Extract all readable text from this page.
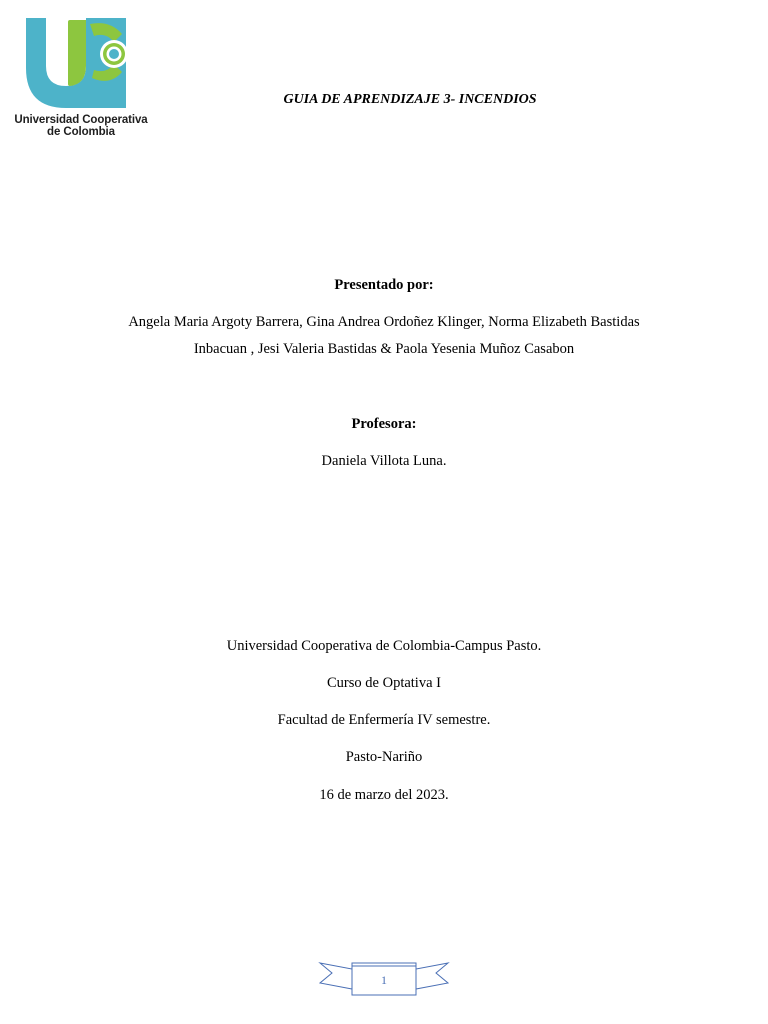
Universidad Cooperativa
de Colombia
GUIA DE APRENDIZAJE 3- INCENDIOS
Presentado por:
Angela Maria Argoty Barrera, Gina Andrea Ordoñez Klinger, Norma Elizabeth Bastidas
Inbacuan , Jesi Valeria Bastidas & Paola Yesenia Muñoz Casabon
Profesora:
Daniela Villota Luna.
Universidad Cooperativa de Colombia-Campus Pasto.
Curso de Optativa I
Facultad de Enfermería IV semestre.
Pasto-Nariño
16 de marzo del 2023.
1
